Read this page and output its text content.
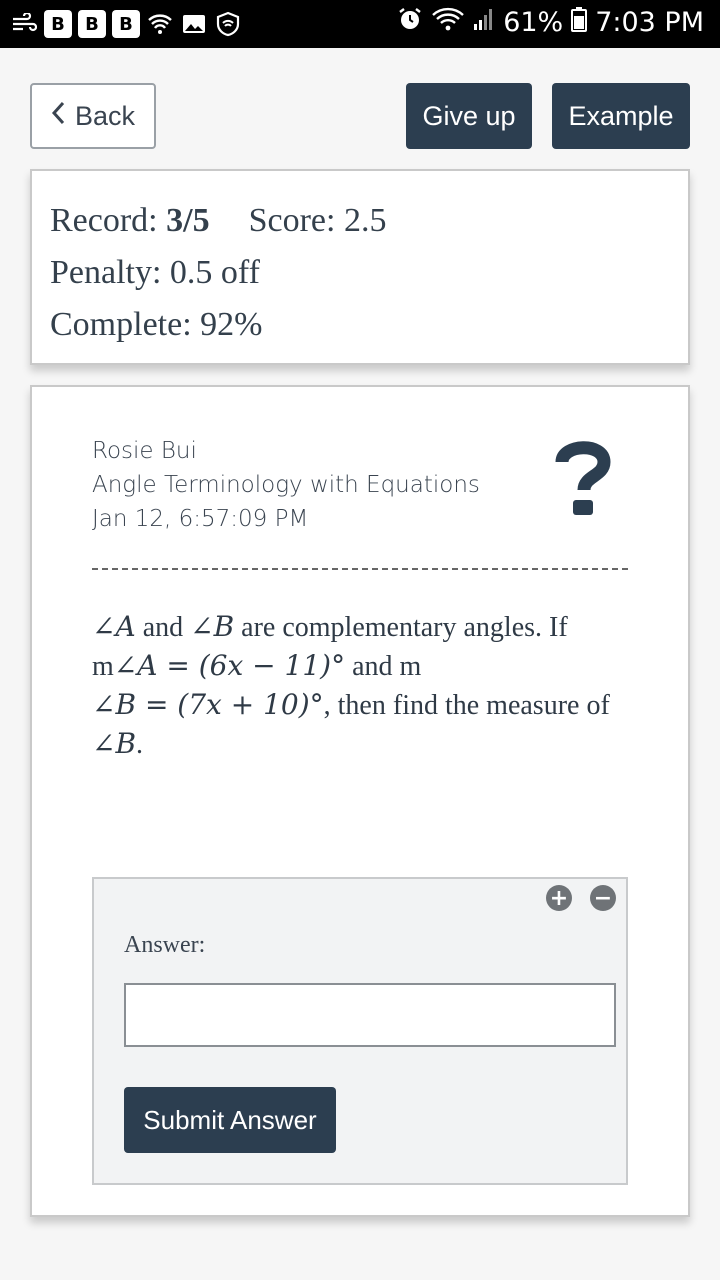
B	B	B	61% 7:03 PM
Back	Give up	Example
Record: 3/5 Score: 2.5
Penalty: 0.5 off
Complete: 92%
Rosie Bui
Angle Terminology with Equations
Jan 12, 6:57:09 PM
∠A and ∠B are complementary angles. If
m∠A = (6x − 11)° and m
∠B = (7x + 10)°, then find the measure of
∠B.
+ −
Answer:
Submit Answer
